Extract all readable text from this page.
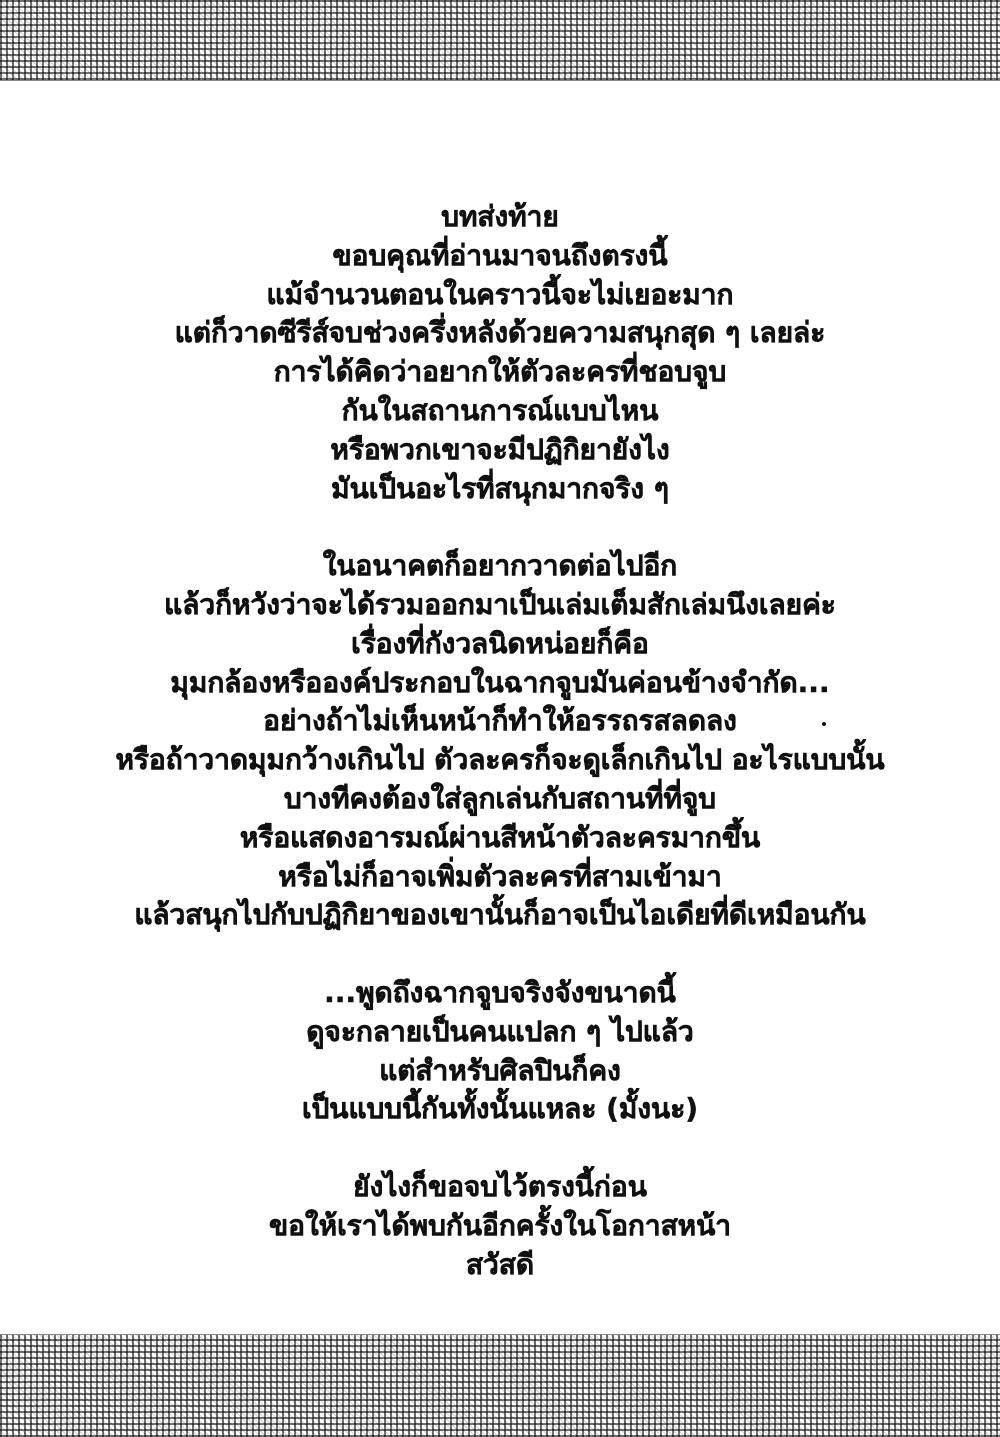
บทส่งท้าย
ขอบคุณที่อ่านมาจนถึงตรงนี้
แม้จำนวนตอนในคราวนี้จะไม่เยอะมาก
แต่ก็วาดซีรีส์จบช่วงครึ่งหลังด้วยความสนุกสุด ๆ เลยล่ะ
การได้คิดว่าอยากให้ตัวละครที่ชอบจูบ
กันในสถานการณ์แบบไหน
หรือพวกเขาจะมีปฏิกิยายังไง
มันเป็นอะไรที่สนุกมากจริง ๆ
ในอนาคตก็อยากวาดต่อไปอีก
แล้วก็หวังว่าจะได้รวมออกมาเป็นเล่มเต็มสักเล่มนึงเลยค่ะ
เรื่องที่กังวลนิดหน่อยก็คือ
มุมกล้องหรือองค์ประกอบในฉากจูบมันค่อนข้างจำกัด...
อย่างถ้าไม่เห็นหน้าก็ทำให้อรรถรสลดลง
หรือถ้าวาดมุมกว้างเกินไป ตัวละครก็จะดูเล็กเกินไป อะไรแบบนั้น
บางทีคงต้องใส่ลูกเล่นกับสถานที่ที่จูบ
หรือแสดงอารมณ์ผ่านสีหน้าตัวละครมากขึ้น
หรือไม่ก็อาจเพิ่มตัวละครที่สามเข้ามา
แล้วสนุกไปกับปฏิกิยาของเขานั้นก็อาจเป็นไอเดียที่ดีเหมือนกัน
...พูดถึงฉากจูบจริงจังขนาดนี้
ดูจะกลายเป็นคนแปลก ๆ ไปแล้ว
แต่สำหรับศิลปินก็คง
เป็นแบบนี้กันทั้งนั้นแหละ (มั้งนะ)
ยังไงก็ขอจบไว้ตรงนี้ก่อน
ขอให้เราได้พบกันอีกครั้งในโอกาสหน้า
สวัสดี
